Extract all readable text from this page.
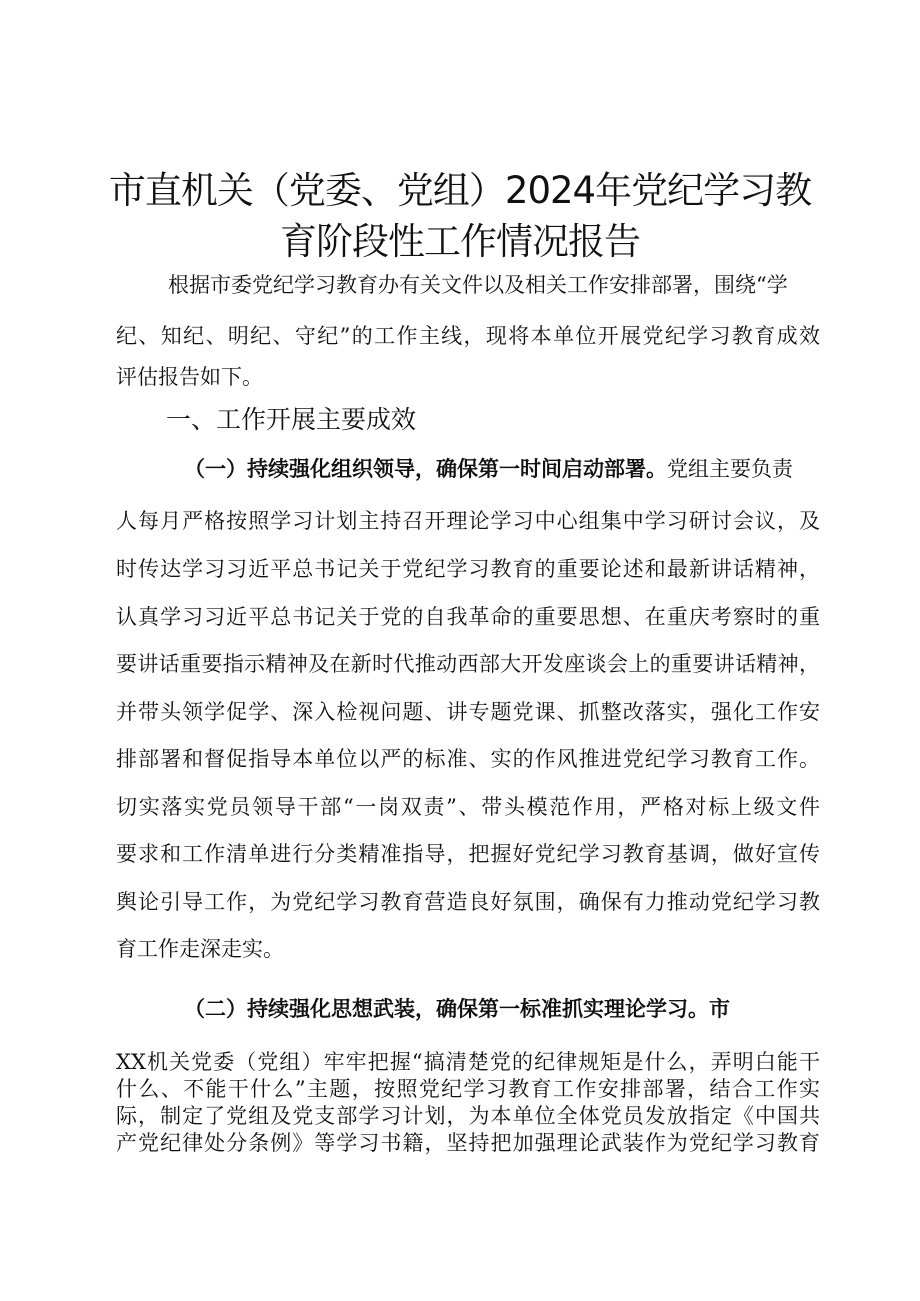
市直机关（党委、党组）2024年党纪学习教
育阶段性工作情况报告
根据市委党纪学习教育办有关文件以及相关工作安排部署，围绕“学
纪、知纪、明纪、守纪”的工作主线，现将本单位开展党纪学习教育成效
评估报告如下。
一、工作开展主要成效
（一）持续强化组织领导，确保第一时间启动部署。党组主要负责
人每月严格按照学习计划主持召开理论学习中心组集中学习研讨会议，及
时传达学习习近平总书记关于党纪学习教育的重要论述和最新讲话精神，
认真学习习近平总书记关于党的自我革命的重要思想、在重庆考察时的重
要讲话重要指示精神及在新时代推动西部大开发座谈会上的重要讲话精神，
并带头领学促学、深入检视问题、讲专题党课、抓整改落实，强化工作安
排部署和督促指导本单位以严的标准、实的作风推进党纪学习教育工作。
切实落实党员领导干部“一岗双责”、带头模范作用，严格对标上级文件
要求和工作清单进行分类精准指导，把握好党纪学习教育基调，做好宣传
舆论引导工作，为党纪学习教育营造良好氛围，确保有力推动党纪学习教
育工作走深走实。
（二）持续强化思想武装，确保第一标准抓实理论学习。市
XX机关党委（党组）牢牢把握“搞清楚党的纪律规矩是什么，弄明白能干
什么、不能干什么”主题，按照党纪学习教育工作安排部署，结合工作实
际，制定了党组及党支部学习计划，为本单位全体党员发放指定《中国共
产党纪律处分条例》等学习书籍，坚持把加强理论武装作为党纪学习教育
